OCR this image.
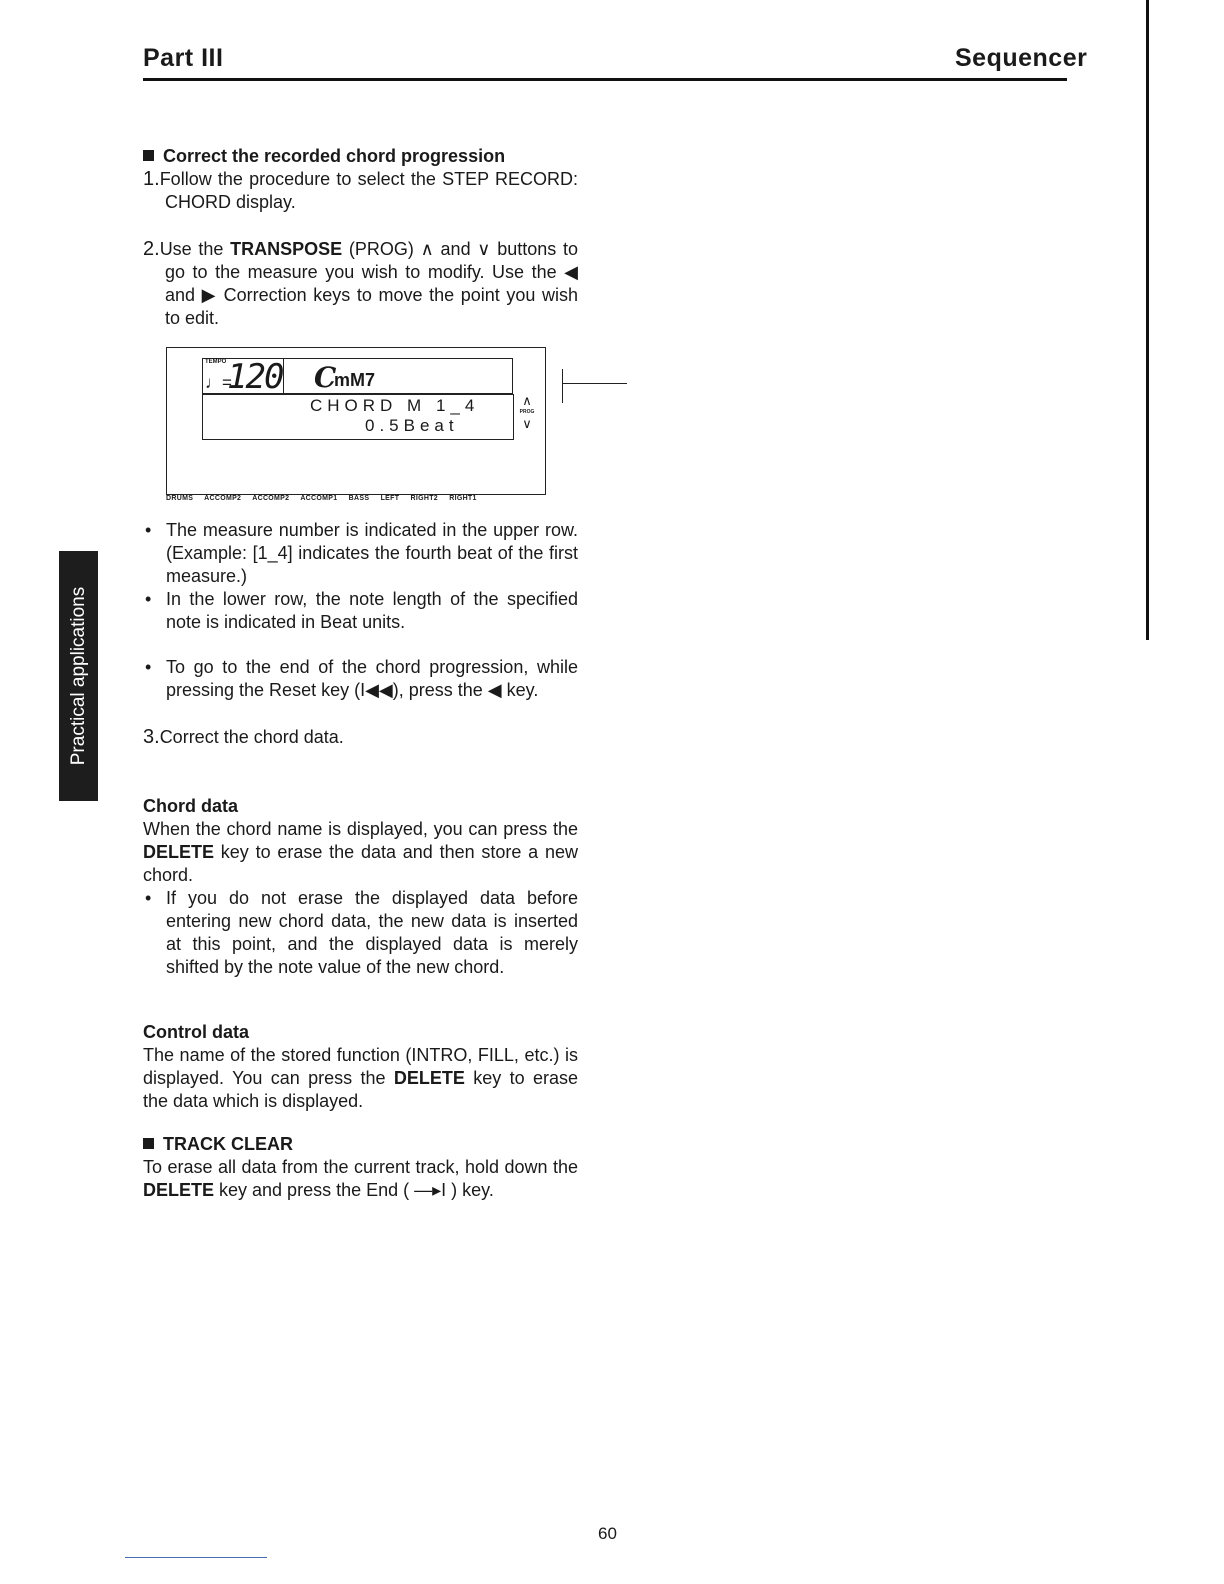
Part III	Sequencer
Practical applications

Correct the recorded chord progression

1.Follow the procedure to select the STEP RECORD: CHORD display.

2.Use the TRANSPOSE (PROG) ∧ and ∨ buttons to go to the measure you wish to modify. Use the ◀ and ▶ Correction keys to move the point you wish to edit.

TEMPO
♩=
120 C
mM7
CHORD M 1_4
0.5Beat
∧
PROG
∨
DRUMS ACCOMP2 ACCOMP2 ACCOMP1 BASS LEFT RIGHT2 RIGHT1

• The measure number is indicated in the upper row. (Example: [1_4] indicates the fourth beat of the first measure.)

• In the lower row, the note length of the specified note is indicated in Beat units.

• To go to the end of the chord progression, while pressing the Reset key (I◀◀), press the ◀ key.

3.Correct the chord data.

Chord data

When the chord name is displayed, you can press the DELETE key to erase the data and then store a new chord.

• If you do not erase the displayed data before entering new chord data, the new data is inserted at this point, and the displayed data is merely shifted by the note value of the new chord.

Control data

The name of the stored function (INTRO, FILL, etc.) is displayed. You can press the DELETE key to erase the data which is displayed.

TRACK CLEAR

To erase all data from the current track, hold down the DELETE key and press the End ( —▸I ) key.

60
